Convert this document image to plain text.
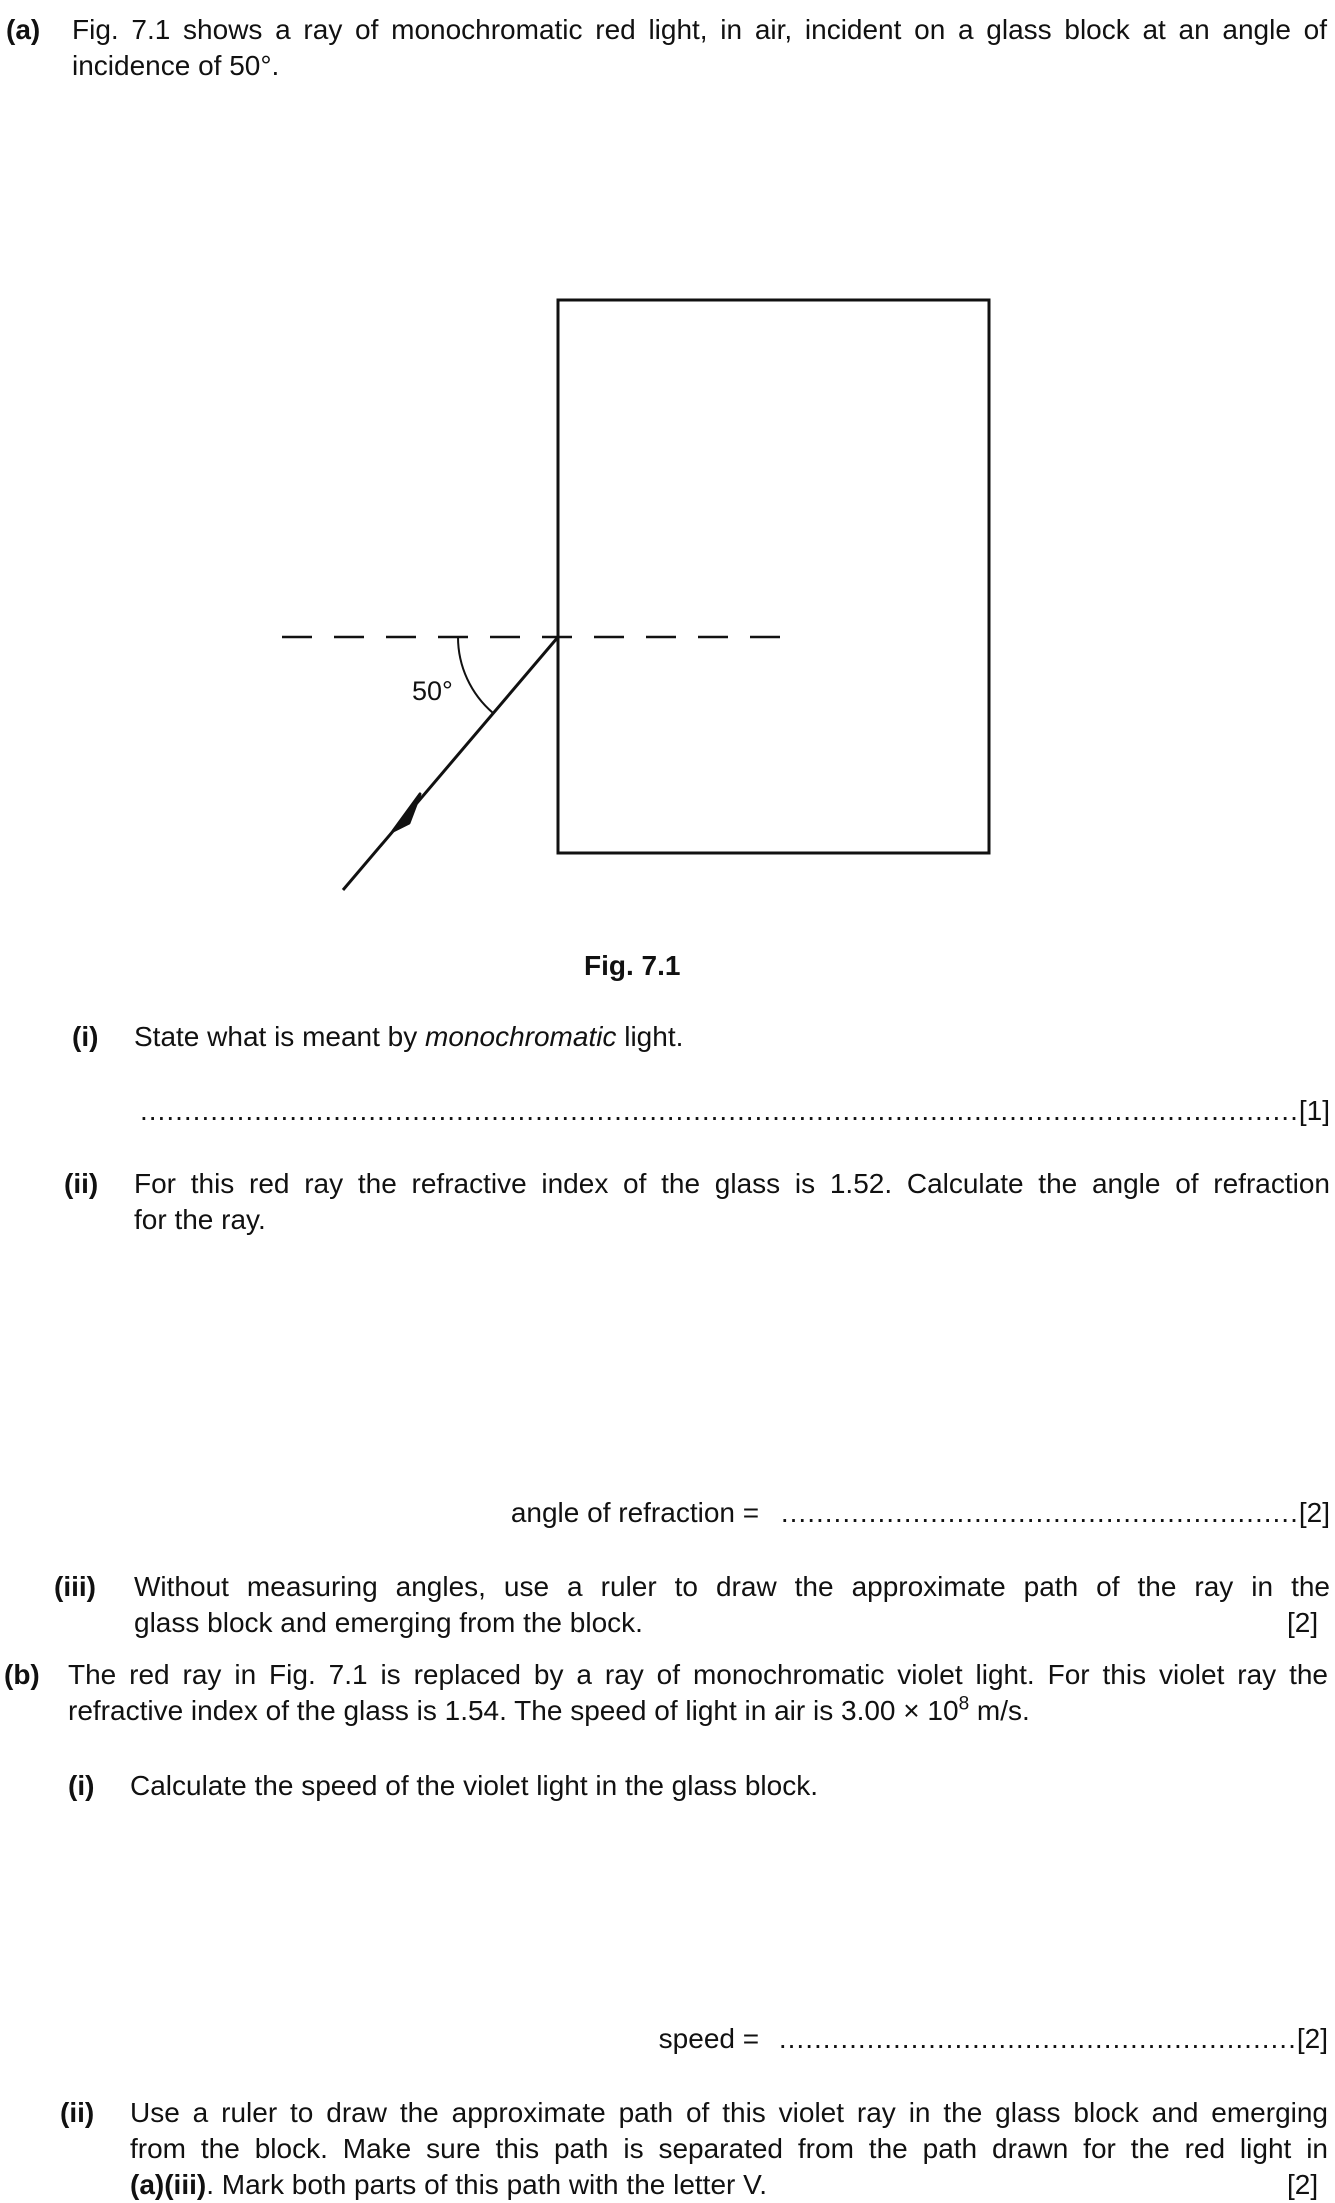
(a) Fig. 7.1 shows a ray of monochromatic red light, in air, incident on a glass block at an angle of
incidence of 50°.
50°
Fig. 7.1
(i) State what is meant by monochromatic light.
....................................................................................................................................[1]
(ii) For this red ray the refractive index of the glass is 1.52. Calculate the angle of refraction
for the ray.
angle of refraction = ...........................................................[2]
(iii) Without measuring angles, use a ruler to draw the approximate path of the ray in the
glass block and emerging from the block.	[2]
(b) The red ray in Fig. 7.1 is replaced by a ray of monochromatic violet light. For this violet ray the
refractive index of the glass is 1.54. The speed of light in air is $3.00 \times 10^8$ m/s.
(i) Calculate the speed of the violet light in the glass block.
speed = ...........................................................[2]
(ii) Use a ruler to draw the approximate path of this violet ray in the glass block and emerging
from the block. Make sure this path is separated from the path drawn for the red light in
(a)(iii). Mark both parts of this path with the letter V.	[2]
